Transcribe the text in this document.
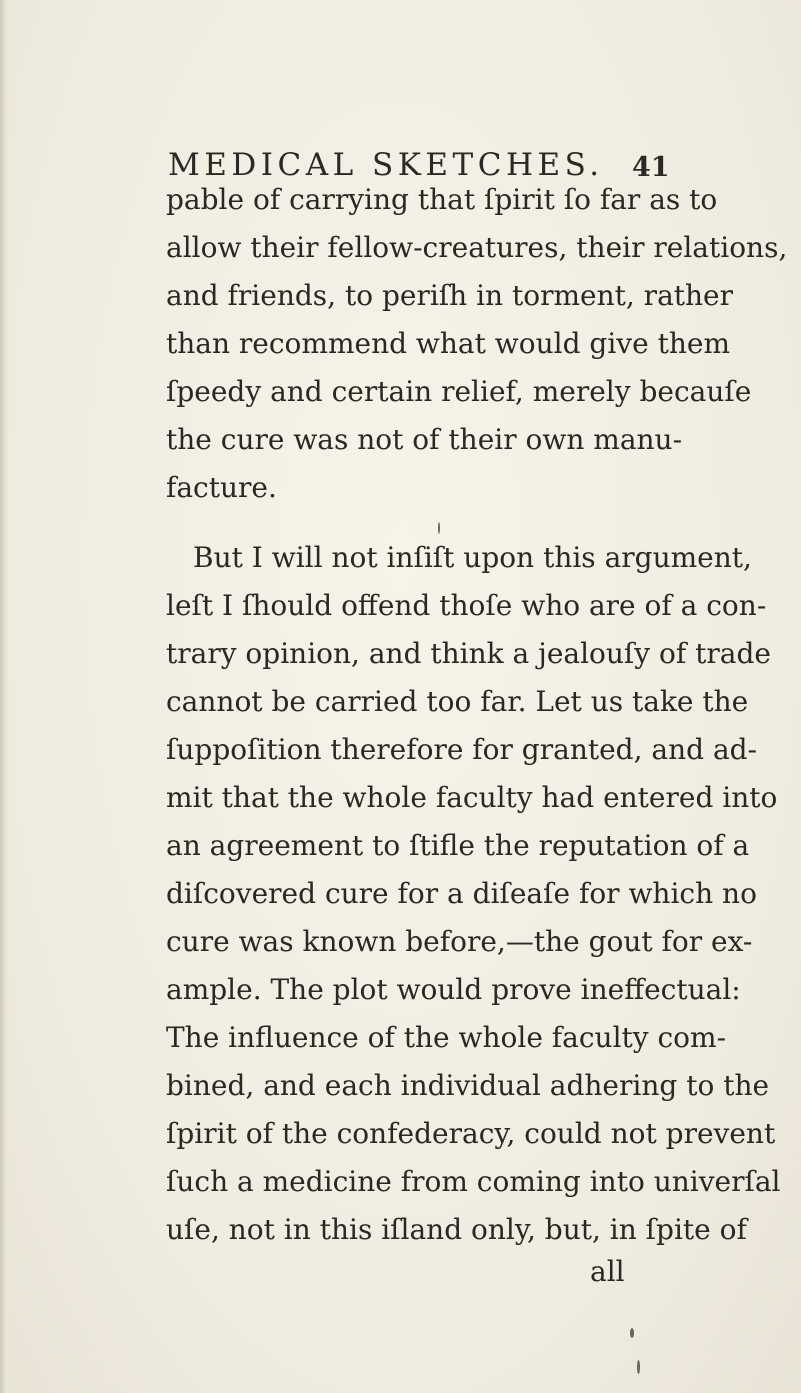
MEDICAL SKETCHES. 41
pable of carrying that ſpirit ſo far as to
allow their fellow-creatures, their relations,
and friends, to periſh in torment, rather
than recommend what would give them
ſpeedy and certain relief, merely becauſe
the cure was not of their own manu-
facture.
But I will not inſiſt upon this argument,
leſt I ſhould offend thoſe who are of a con-
trary opinion, and think a jealouſy of trade
cannot be carried too far. Let us take the
ſuppoſition therefore for granted, and ad-
mit that the whole faculty had entered into
an agreement to ſtifle the reputation of a
diſcovered cure for a diſeaſe for which no
cure was known before,—the gout for ex-
ample. The plot would prove ineffectual:
The influence of the whole faculty com-
bined, and each individual adhering to the
ſpirit of the confederacy, could not prevent
ſuch a medicine from coming into univerſal
uſe, not in this iſland only, but, in ſpite of
all
